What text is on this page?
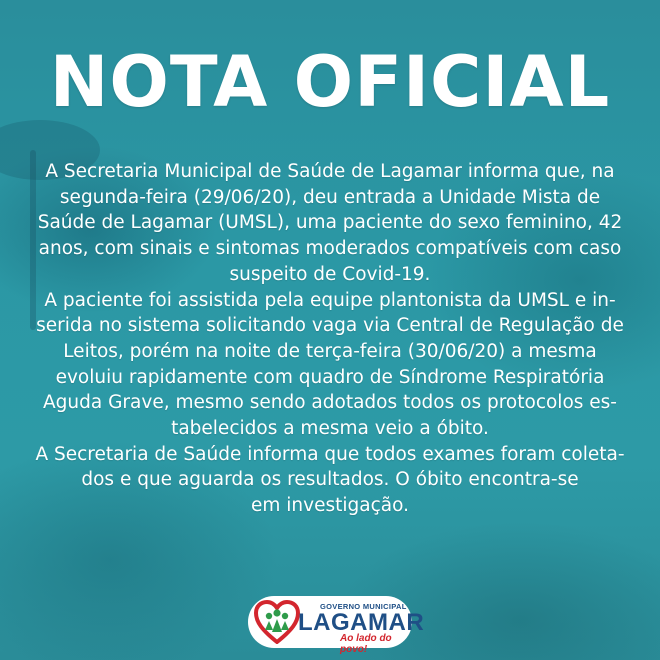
NOTA OFICIAL
A Secretaria Municipal de Saúde de Lagamar informa que, na
segunda-feira (29/06/20), deu entrada a Unidade Mista de
Saúde de Lagamar (UMSL), uma paciente do sexo feminino, 42
anos, com sinais e sintomas moderados compatíveis com caso
suspeito de Covid-19.
A paciente foi assistida pela equipe plantonista da UMSL e in-
serida no sistema solicitando vaga via Central de Regulação de
Leitos, porém na noite de terça-feira (30/06/20) a mesma
evoluiu rapidamente com quadro de Síndrome Respiratória
Aguda Grave, mesmo sendo adotados todos os protocolos es-
tabelecidos a mesma veio a óbito.
A Secretaria de Saúde informa que todos exames foram coleta-
dos e que aguarda os resultados. O óbito encontra-se
em investigação.
GOVERNO MUNICIPAL
LAGAMAR
Ao lado do povo!
